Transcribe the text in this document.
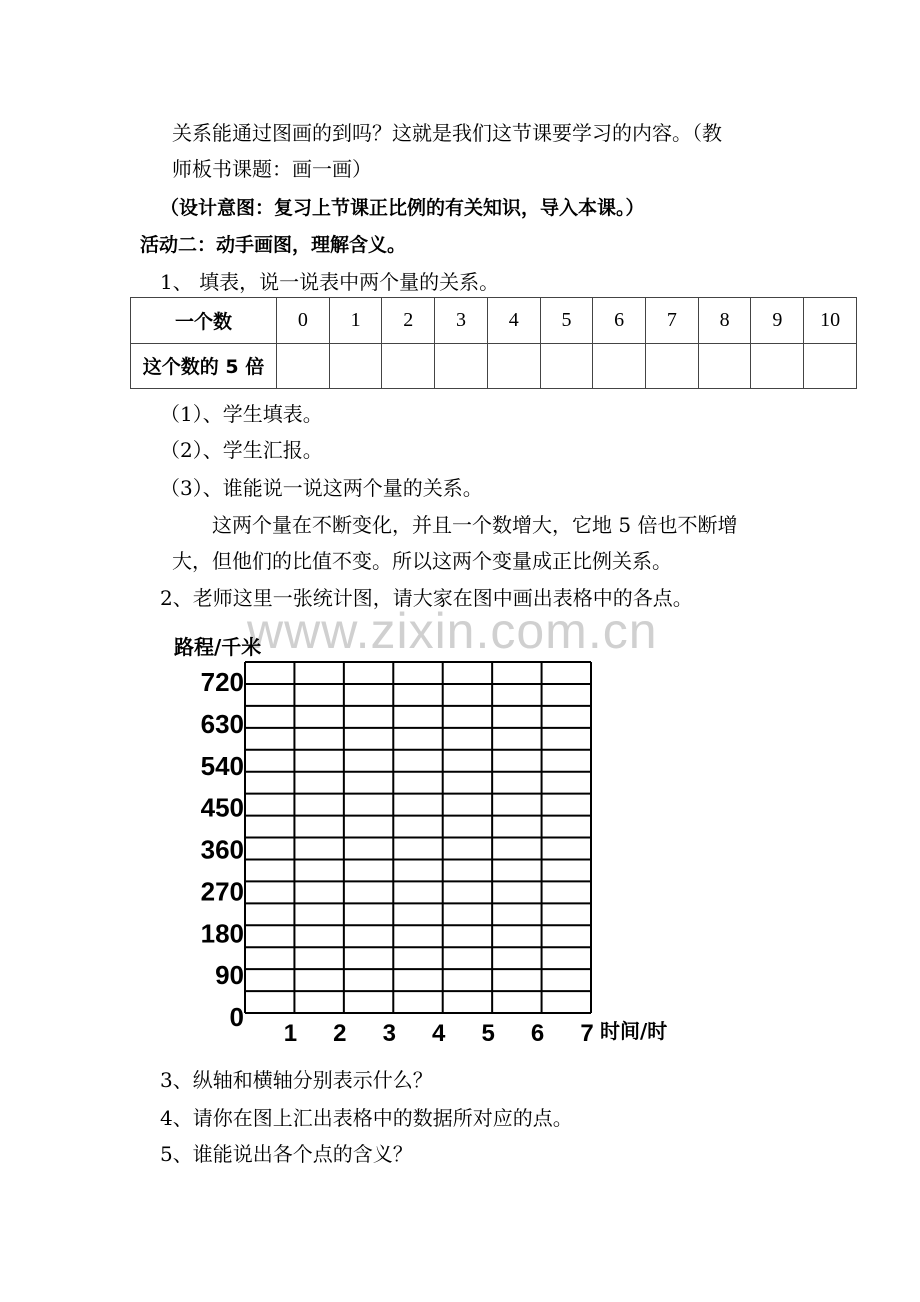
关系能通过图画的到吗？这就是我们这节课要学习的内容。（教
师板书课题：画一画）
（设计意图：复习上节课正比例的有关知识，导入本课。）
活动二：动手画图，理解含义。
1、 填表，说一说表中两个量的关系。
一个数	0	1	2	3	4	5	6	7	8	9	10
这个数的 5 倍											
（1）、学生填表。
（2）、学生汇报。
（3）、谁能说一说这两个量的关系。
这两个量在不断变化，并且一个数增大，它地 5 倍也不断增
大，但他们的比值不变。所以这两个变量成正比例关系。
2、老师这里一张统计图，请大家在图中画出表格中的各点。
www.zixin.com.cn
路程/千米
0
90
180
270
360
450
540
630
720
1 2 3 4 5 6 7 时间/时
3、纵轴和横轴分别表示什么？
4、请你在图上汇出表格中的数据所对应的点。
5、谁能说出各个点的含义？
